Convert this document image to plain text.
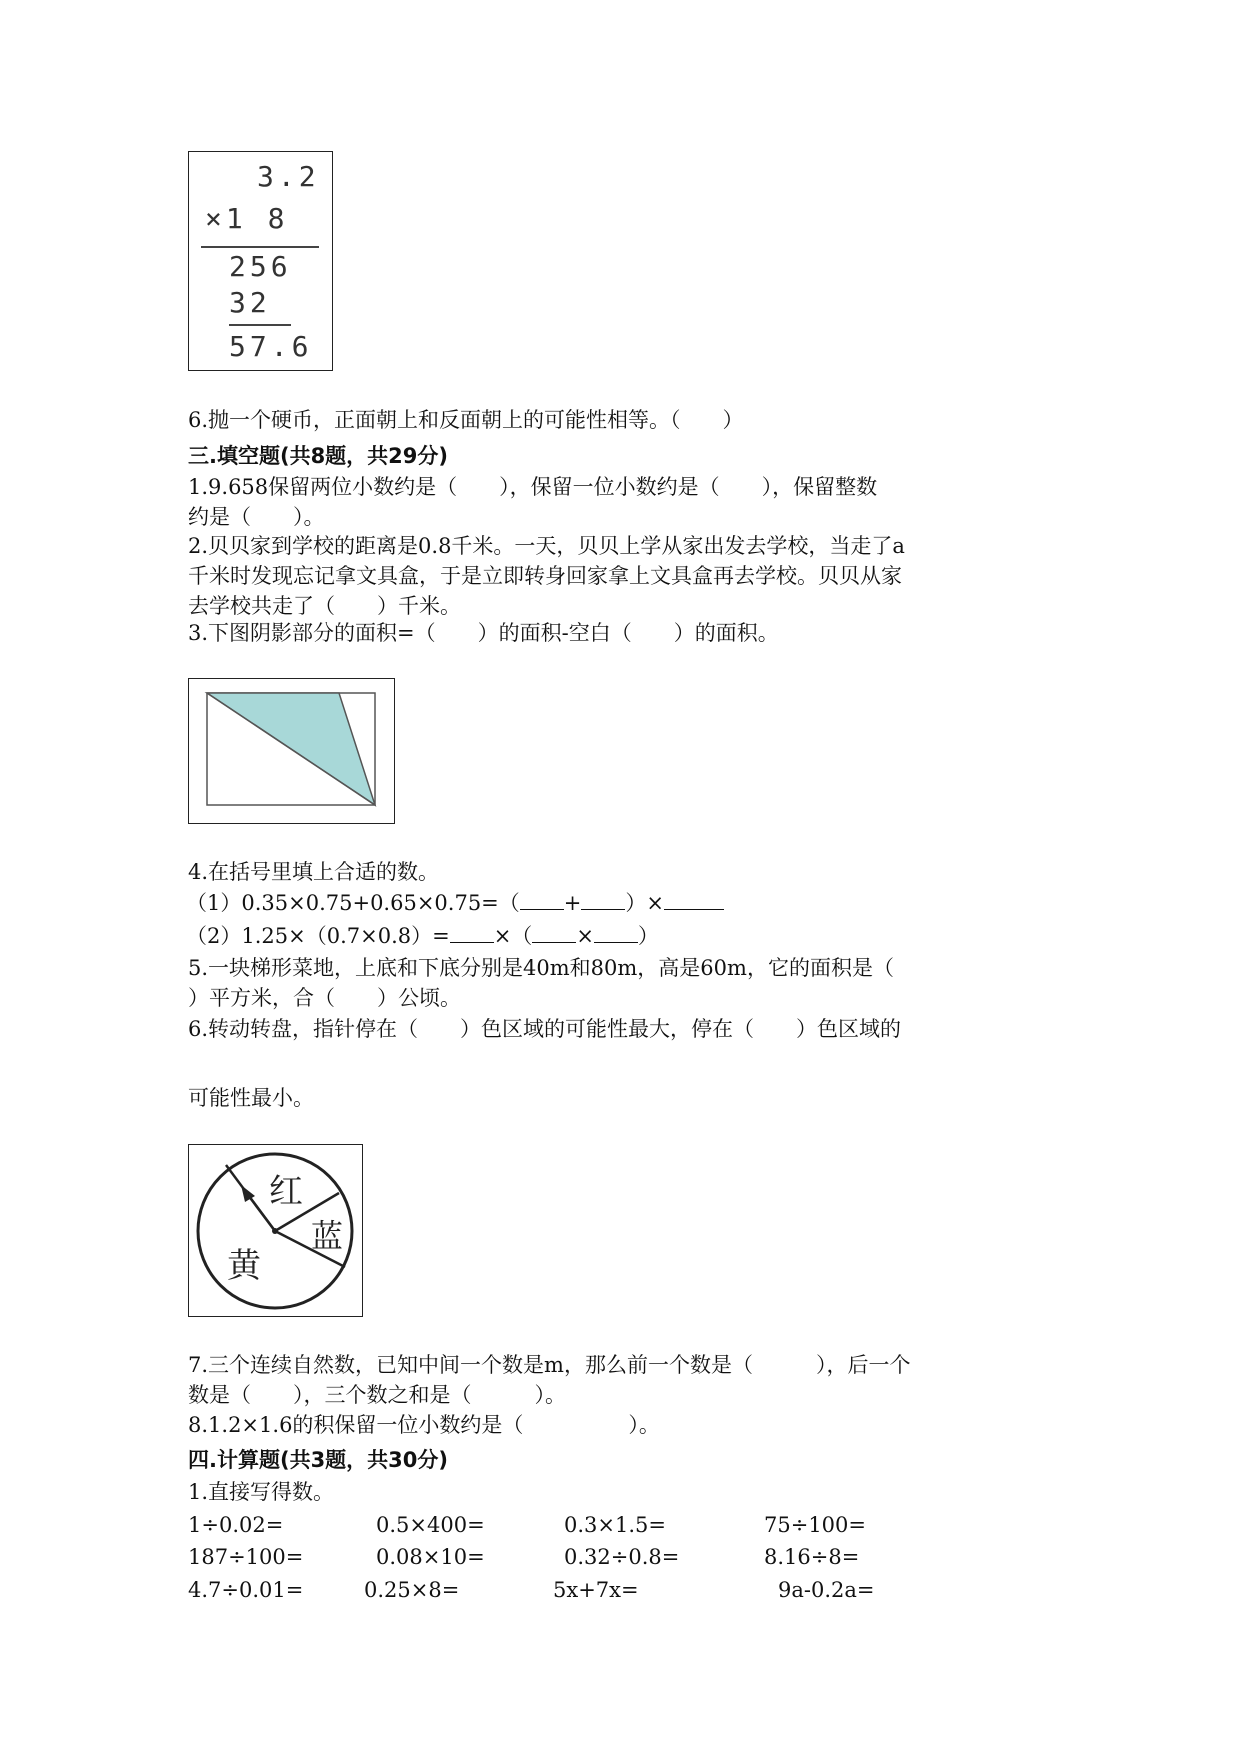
3.2
×1 8
256
32
57.6
6.抛一个硬币，正面朝上和反面朝上的可能性相等。（　　）
三.填空题(共8题，共29分)
1.9.658保留两位小数约是（　　），保留一位小数约是（　　），保留整数
约是（　　）。
2.贝贝家到学校的距离是0.8千米。一天，贝贝上学从家出发去学校，当走了a
千米时发现忘记拿文具盒，于是立即转身回家拿上文具盒再去学校。贝贝从家
去学校共走了（　　）千米。
3.下图阴影部分的面积=（　　）的面积-空白（　　）的面积。
4.在括号里填上合适的数。
（1）0.35×0.75+0.65×0.75=（ + ）×
（2）1.25×（0.7×0.8）= ×（ × ）
5.一块梯形菜地，上底和下底分别是40m和80m，高是60m，它的面积是（
）平方米，合（　　）公顷。
6.转动转盘，指针停在（　　）色区域的可能性最大，停在（　　）色区域的
可能性最小。
红
蓝
黄
7.三个连续自然数，已知中间一个数是m，那么前一个数是（　　　），后一个
数是（　　），三个数之和是（　　　）。
8.1.2×1.6的积保留一位小数约是（　　　　　）。
四.计算题(共3题，共30分)
1.直接写得数。
1÷0.02=	0.5×400=	0.3×1.5=	75÷100=
187÷100=	0.08×10=	0.32÷0.8=	8.16÷8=
4.7÷0.01=	0.25×8=	5x+7x=	9a-0.2a=
